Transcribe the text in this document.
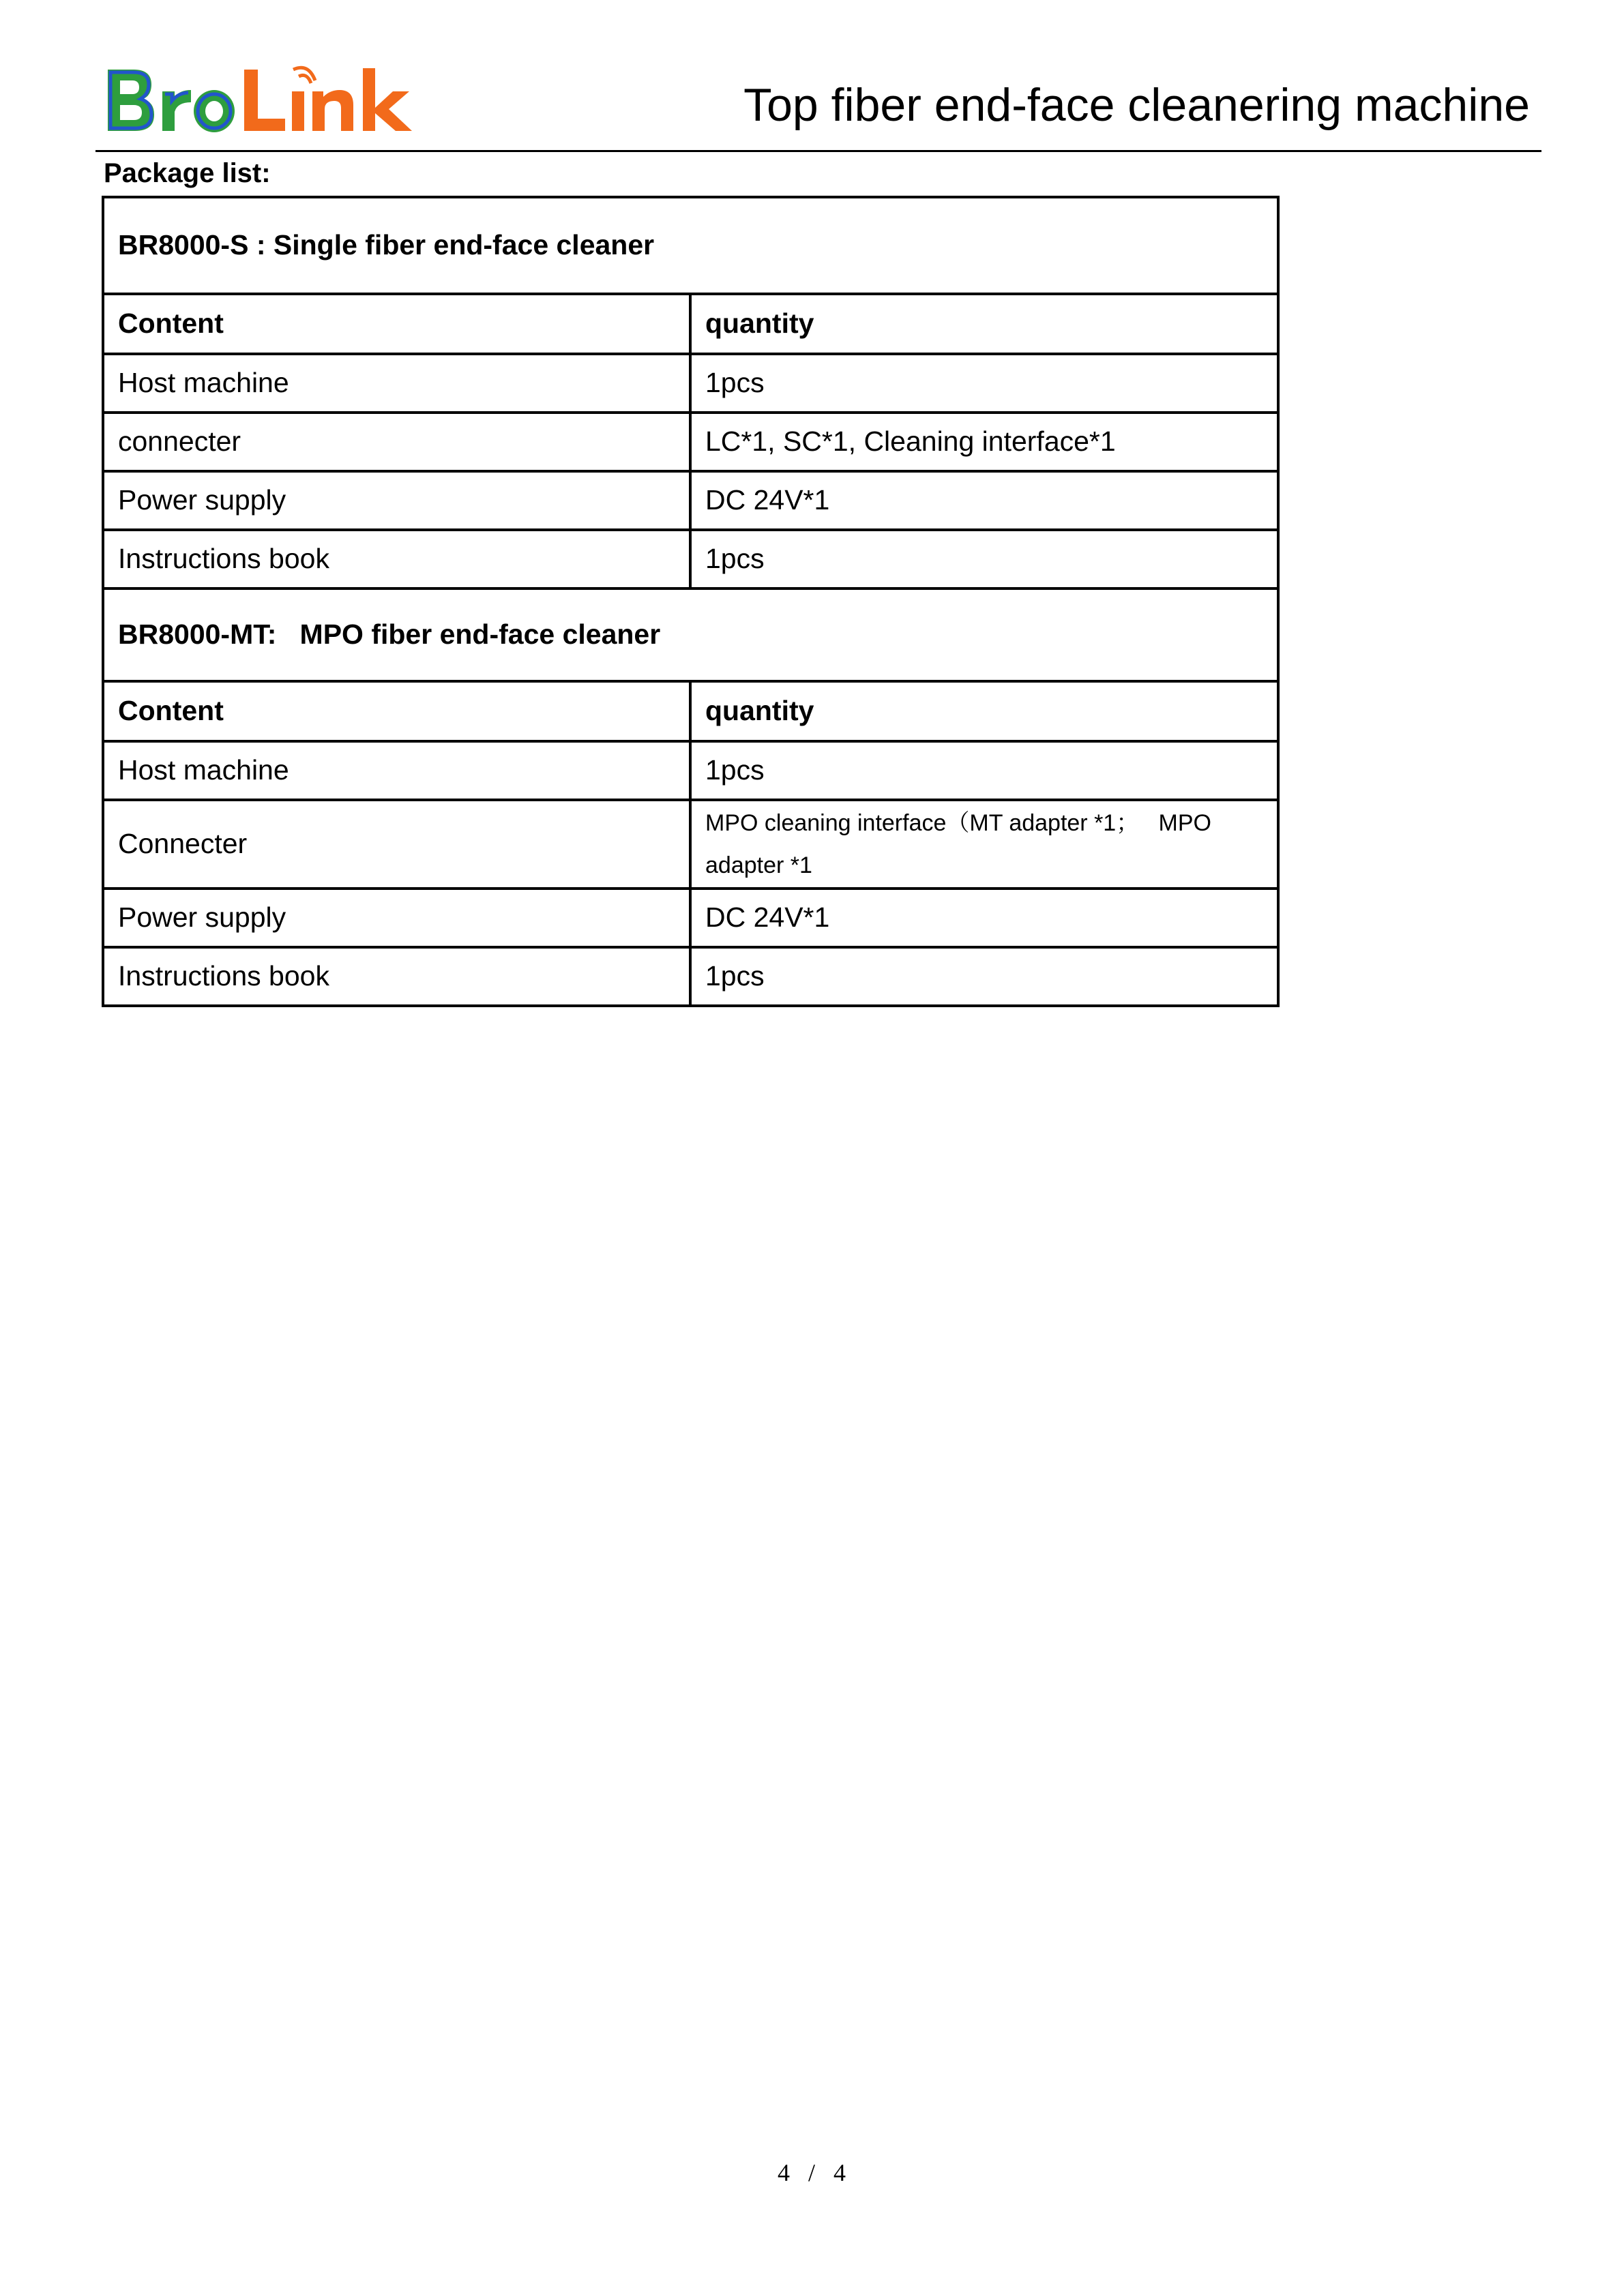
Top fiber end-face cleanering machine
Package list:
BR8000-S : Single fiber end-face cleaner	
Content	quantity
Host machine	1pcs
connecter	LC*1, SC*1, Cleaning interface*1
Power supply	DC 24V*1
Instructions book	1pcs
BR8000-MT:   MPO fiber end-face cleaner	
Content	quantity
Host machine	1pcs
Connecter	MPO cleaning interface（MT adapter *1；   MPO adapter *1
Power supply	DC 24V*1
Instructions book	1pcs
4   /   4
